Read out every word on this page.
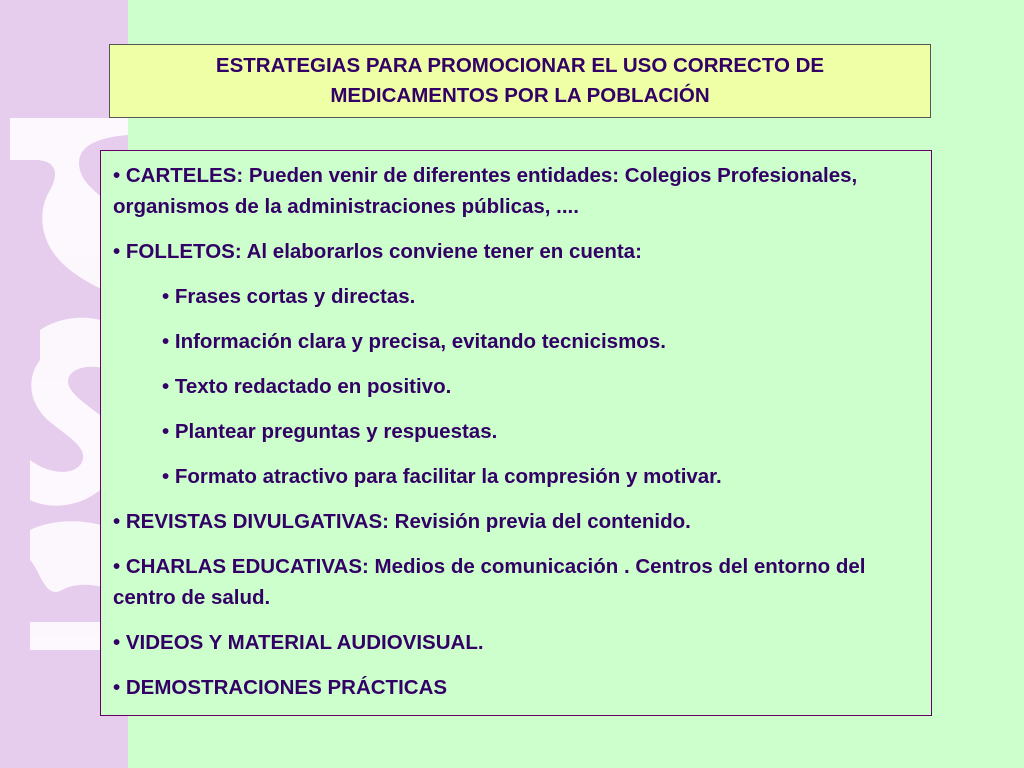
ESTRATEGIAS PARA PROMOCIONAR EL USO CORRECTO DE MEDICAMENTOS POR LA POBLACIÓN
• CARTELES: Pueden venir de diferentes entidades: Colegios Profesionales, organismos de la administraciones públicas, ....
• FOLLETOS: Al elaborarlos conviene tener en cuenta:
• Frases cortas y directas.
• Información clara y precisa, evitando tecnicismos.
• Texto redactado en positivo.
• Plantear preguntas y respuestas.
• Formato atractivo para facilitar la compresión y motivar.
• REVISTAS DIVULGATIVAS: Revisión previa del contenido.
• CHARLAS EDUCATIVAS: Medios de comunicación . Centros del entorno del centro de salud.
• VIDEOS Y MATERIAL AUDIOVISUAL.
• DEMOSTRACIONES PRÁCTICAS
